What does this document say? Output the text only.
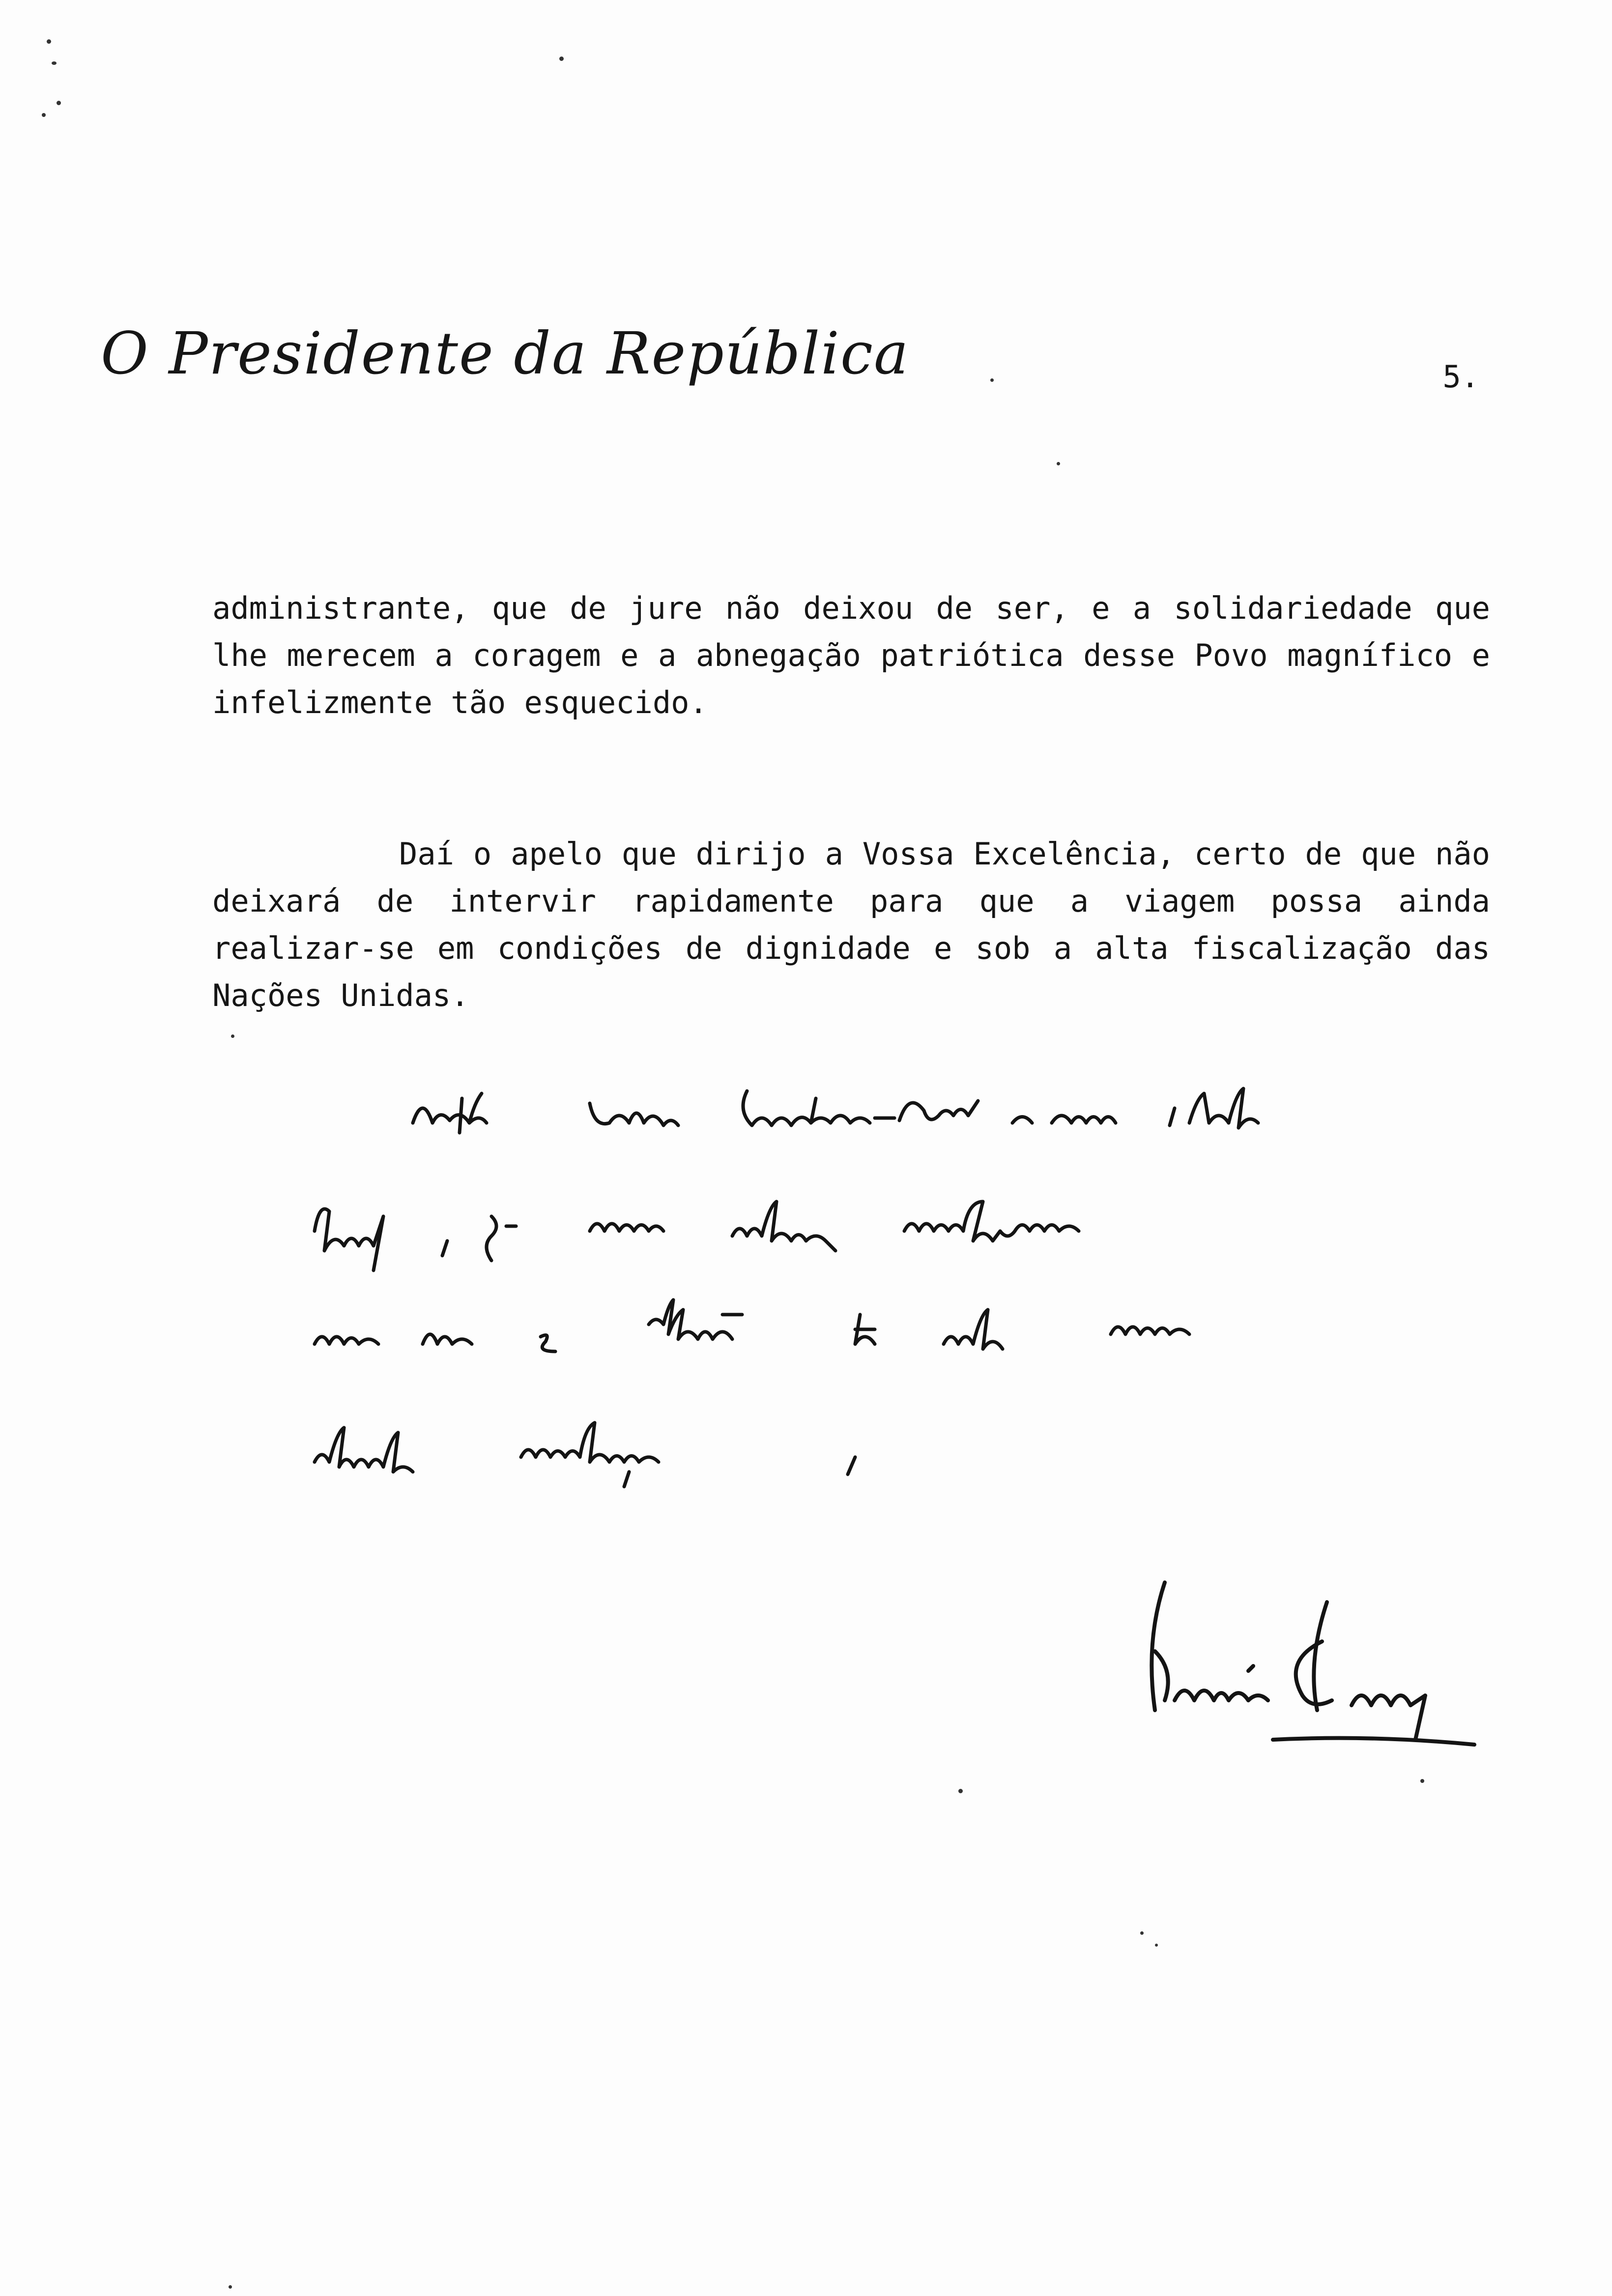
O Presidente da República	5.
administrante, que de jure não deixou de ser, e a solidariedade que lhe merecem a coragem e a abnegação patriótica desse Povo magnífico e infelizmente tão esquecido.
Daí o apelo que dirijo a Vossa Excelência, certo de que não deixará de intervir rapidamente para que a viagem possa ainda realizar-se em condições de dignidade e sob a alta fiscalização das Nações Unidas.
